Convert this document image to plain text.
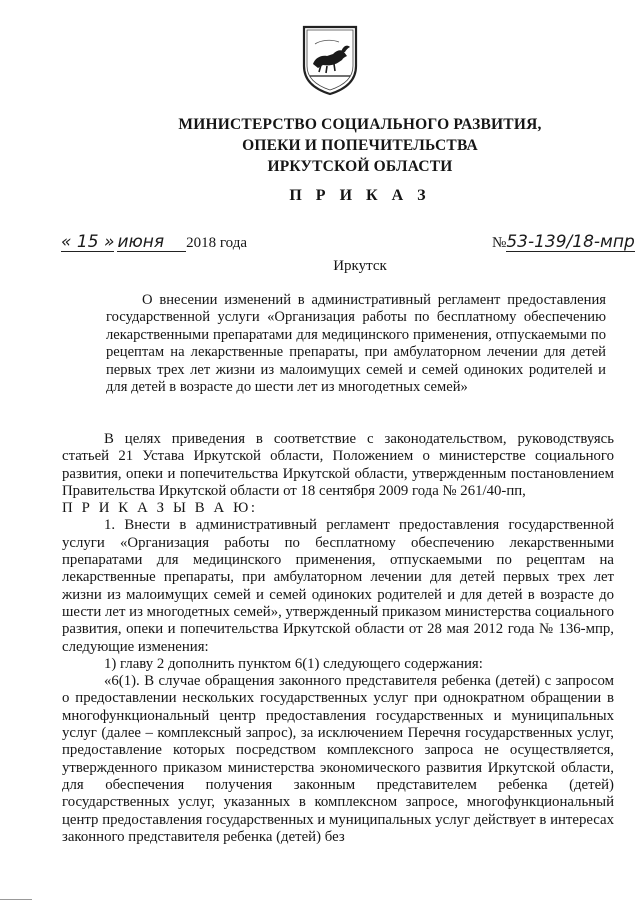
МИНИСТЕРСТВО СОЦИАЛЬНОГО РАЗВИТИЯ,
ОПЕКИ И ПОПЕЧИТЕЛЬСТВА
ИРКУТСКОЙ ОБЛАСТИ
П Р И К А З
« 15 » июня 2018 года	№53-139/18-мпр
Иркутск
О внесении изменений в административный регламент предоставления государственной услуги «Организация работы по бесплатному обеспечению лекарственными препаратами для медицинского применения, отпускаемыми по рецептам на лекарственные препараты, при амбулаторном лечении для детей первых трех лет жизни из малоимущих семей и семей одиноких родителей и для детей в возрасте до шести лет из многодетных семей»

В целях приведения в соответствие с законодательством, руководствуясь статьей 21 Устава Иркутской области, Положением о министерстве социального развития, опеки и попечительства Иркутской области, утвержденным постановлением Правительства Иркутской области от 18 сентября 2009 года № 261/40-пп,

П Р И К А З Ы В А Ю:

1. Внести в административный регламент предоставления государственной услуги «Организация работы по бесплатному обеспечению лекарственными препаратами для медицинского применения, отпускаемыми по рецептам на лекарственные препараты, при амбулаторном лечении для детей первых трех лет жизни из малоимущих семей и семей одиноких родителей и для детей в возрасте до шести лет из многодетных семей», утвержденный приказом министерства социального развития, опеки и попечительства Иркутской области от 28 мая 2012 года № 136-мпр, следующие изменения:

1) главу 2 дополнить пунктом 6(1) следующего содержания:

«6(1). В случае обращения законного представителя ребенка (детей) с запросом о предоставлении нескольких государственных услуг при однократном обращении в многофункциональный центр предоставления государственных и муниципальных услуг (далее – комплексный запрос), за исключением Перечня государственных услуг, предоставление которых посредством комплексного запроса не осуществляется, утвержденного приказом министерства экономического развития Иркутской области, для обеспечения получения законным представителем ребенка (детей) государственных услуг, указанных в комплексном запросе, многофункциональный центр предоставления государственных и муниципальных услуг действует в интересах законного представителя ребенка (детей) без
